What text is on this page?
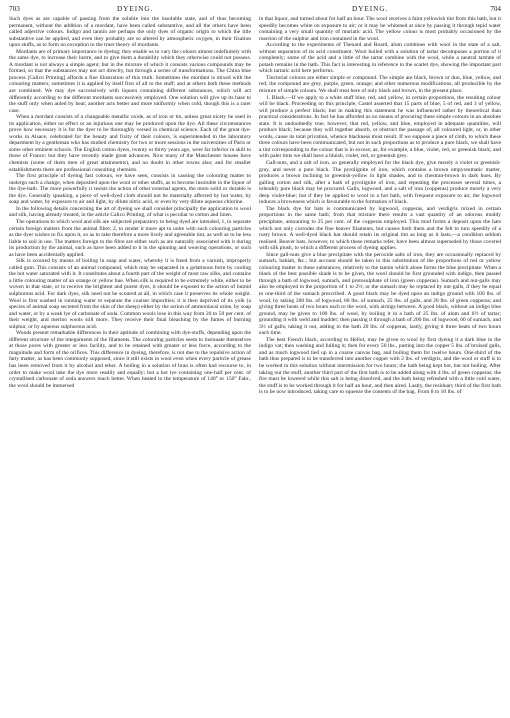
703	DYEING.	DYEING.	704

Such dyes as are capable of passing from the soluble into the insoluble state, and of thus becoming permanent, without the addition of a mordant, have been called substantive, and all the others have been called adjective colours. Indigo and tannin are perhaps the only dyes of organic origin to which the title substantive can be applied, and even they probably are so altered by atmospheric oxygen, in their fixation upon stuffs, as to form no exception to the truer theory of mordants.

Mordants are of primary importance in dyeing; they enable us to vary the colours almost indefinitely with the same dye, to increase their lustre, and to give them a durability which they otherwise could not possess. A mordant is not always a simple agent; but in the mixture of which it consists various compounds may be formed, so that the substances may not act directly, but through a series of transformations. The China blue process [Calico Printing] affords a fine illustration of this truth. Sometimes the mordant is mixed with the colouring matters; sometimes it is applied by itself first of all to the stuff; and at others both these methods are combined. We may dye successively with liquors containing different substances, which will act differently according to the different mordants successively employed. One solution will give up its base to the stuff only when aided by heat; another acts better and more uniformly when cold, though this is a rarer case.

When a mordant consists of a changeable metallic oxide, as of iron or tin, unless great nicety be used in its application, either no effect or an injurious one may be produced upon the dye. All these circumstances prove how necessary it is for the dyer to be thoroughly versed in chemical science. Each of the great dye-works in Alsace, celebrated for the beauty and fixity of their colours, is superintended in the laboratory department by a gentleman who has studied chemistry for two or more sessions in the universities of Paris or some other eminent schools. The English cotton dyers, twenty or thirty years ago, were far inferior in skill to those of France; but they have recently made great advances. Now many of the Manchester houses have chemists (some of them men of great attainments), and no doubt in other towns also; and for smaller establishments there are professional consulting chemists.

The first principle of dyeing fast colours, we have seen, consists in causing the colouring matter to undergo such a change, when deposited upon the wool or other stuffs, as to become insoluble in the liquor of the dye-bath. The more powerfully it resists the action of other external agents, the more solid or durable is the dye. Generally speaking, a piece of well-dyed cloth should not be materially affected by hot water, by soap and water, by exposure to air and light, by dilute nitric acid, or even by very dilute aqueous chlorine.

In the following details concerning the art of dyeing we shall consider principally the application to wool and silk, having already treated, in the article Calico Printing, of what is peculiar to cotton and linen.

The operations to which wool and silk are subjected preparatory to being dyed are intended, 1, to separate certain foreign matters from the animal fibre; 2, to render it more apt to unite with such colouring particles as the dyer wishes to fix upon it, so as to take therefore a more lively and agreeable tint, as well as to be less liable to soil in use. The matters foreign to the fibre are either such as are naturally associated with it during its production by the animal, such as have been added to it in the spinning and weaving operations, or such as have been accidentally applied.

Silk is scoured by means of boiling in soap and water, whereby it is freed from a varnish, improperly called gum. This consists of an animal compound, which may be separated in a gelatinous form by cooling the hot water saturated with it. It constitutes about a fourth part of the weight of most raw silks, and contains a little colouring matter of an orange or yellow hue. When silk is required to be extremely white, either to be woven in that state, or to receive the brightest and purest dyes, it should be exposed to the action of humid sulphurous acid. For dark dyes, silk need not be scoured at all, in which case it preserves its whole weight. Wool is first washed in running water to separate the coarser impurities; it is then deprived of its yolk (a species of animal soap secreted from the skin of the sheep) either by the action of ammoniacal urine, by soap and water, or by a weak lye of carbonate of soda. Common wools lose in this way from 20 to 50 per cent. of their weight, and merino wools still more. They receive their final bleaching by the fumes of burning sulphur, or by aqueous sulphurous acid.

Woods present remarkable differences in their aptitude of combining with dye-stuffs, depending upon the different structure of the integuments of the filaments. The colouring particles seem to insinuate themselves at those pores with greater or less facility, and to be retained with greater or less force, according to the magnitude and form of the orifices. This difference in dyeing, therefore, is not due to the repulsive action of fatty matter, as has been commonly supposed, since it still exists in wool even when every particle of grease has been removed from it by alcohol and ether. A boiling in a solution of bran is often had recourse to, in order to make wool take the dye more readily and equally; but a hot lye containing one-half per cent. of crystallised carbonate of soda answers much better. When heated to the temperature of 140° or 150° Fahr., the wool should be immersed

in that liquor, and turned about for half an hour. The wool receives a faint yellowish tint from this bath, but it speedily becomes white on exposure to air; or it may be whitened at once by passing it through tepid water containing a very small quantity of muriatic acid. The yellow colour is most probably occasioned by the reaction of the sulphur and iron contained in the wool.

According to the experiments of Thenard and Roard, alum combines with wool in the state of a salt, without separation of its acid constituent. Wool boiled with a solution of tartar decomposes a portion of it completely; some of the acid and a little of the tartar combine with the wool, while a neutral tartrate of potash remains in the bath. This fact is interesting in reference to the scarlet dye, showing the important part which tartaric acid here performs.

Tinctorial colours are either simple or compound. The simple are black, brown or dun, blue, yellow, and red; the compound are grey, purple, green, orange; and other numerous modifications, all producible by the mixture of simple colours. We shall treat here of only black and brown, in the present place.

1. Black.—If we apply to a white stuff blue, red, and yellow, in certain proportions, the resulting colour will be black. Proceeding on this principle, Castel asserted that 15 parts of blue, 5 of red, and 3 of yellow, will produce a perfect black; but in making this statement he was influenced rather by theoretical than practical considerations. In fact he has afforded us no means of procuring these simple colours in an absolute state. It is undoubtedly true, however, that red, yellow, and blue, employed in adequate quantities, will produce black; because they will together absorb, or obstruct the passage of, all coloured light, or, in other words, cause its total privation, whence blackness must result. If we suppose a piece of cloth, to which these three colours have been communicated, but not in such proportions as to produce a pure black, we shall have a tint corresponding to the colour that is in excess; as, for example, a blue, violet, red, or greenish black; and with paler tints we shall have a bluish, violet, red, or greenish grey.

Gall-nuts, and a salt of iron, so generally employed for the black dye, give merely a violet or greenish-gray, and never a pure black. The pyrolignite of iron, which contains a brown empyreumatic matter, produces a brown inclining to greenish-yellow in light shades, and to chestnut-brown in dark hues. By galling cotton and silk, after a bath of pyrolignite of iron, and repeating the processes several times, a tolerably pure black may be procured. Galls, logwood, and a salt of iron (copperas) produce merely a very deep violet-blue; but if they be applied to wool in a hot bath, with frequent exposure to air, the logwood induces a brownness which is favourable to the formation of black.

The black dye for hats is communicated by logwood, copperas, and verdigris mixed in certain proportions in the same bath; from that mixture there results a vast quantity of an odorous muddy precipitate, amounting to 25 per cent. of the copperas employed. This mud forms a deposit upon the hats which not only corrodes the fine beaver filaments, but causes both them and the felt to turn speedily of a rusty brown. A well-dyed black hat should retain its original tint as long as it lasts,—a condition seldom realised. Beaver hats, however, to which these remarks refer, have been almost superseded by those covered with silk plush, to which a different process of dyeing applies.

Since gall-nuts give a blue precipitate with the peroxide salts of iron, they are occasionally replaced by sumach, bablah, &c.; but account should be taken in this substitution of the proportions of red or yellow colouring matter in these substances, relatively to the tannin which alone forms the blue precipitate. When a black of the best possible shade is to be given, the wool should be first grounded with indigo, then passed through a bath of logwood, sumach, and protosulphate of iron (green copperas). Sumach and nut-galls may also be employed in the proportion of 1 to 2½; or the sumach may be replaced by nut-galls, if they be equal to one-third of the sumach prescribed. A good black may be dyed upon an indigo ground with 100 lbs. of wool, by taking 200 lbs. of logwood, 60 lbs. of sumach, 25 lbs. of galls, and 20 lbs. of green copperas; and giving three heats of two hours each to the wool, with airings between. A good black, without an indigo blue ground, may be given to 100 lbs. of wool, by boiling it in a bath of 25 lbs. of alum and 6½ of tartar; grounding it with weld and madder; then passing it through a bath of 200 lbs. of logwood, 60 of sumach, and 3½ of galls; taking it out, adding to the bath 20 lbs. of copperas, lastly, giving it three heats of two hours each time.

The best French black, according to Hellot, may be given to wool by first dyeing it a dark blue in the indigo vat; then washing and fulling it; then for every 50 lbs., putting into the copper 5 lbs. of bruised galls, and as much logwood tied up in a coarse canvas bag, and boiling them for twelve hours. One-third of the bath thus prepared is to be transferred into another copper with 2 lbs. of verdigris, and the wool or stuff is to be worked in this solution without intermission for two hours; the bath being kept hot, but not boiling. After taking out the stuff, another third part of the first bath is to be added along with 4 lbs. of green copperas; the fire must be lowered while this salt is being dissolved, and the bath being refreshed with a little cold water, the stuff is to be worked through it for half an hour, and then aired. Lastly, the residuary third of the first bath is to be now introduced, taking care to squeeze the contents of the bag. From 8 to 10 lbs. of
